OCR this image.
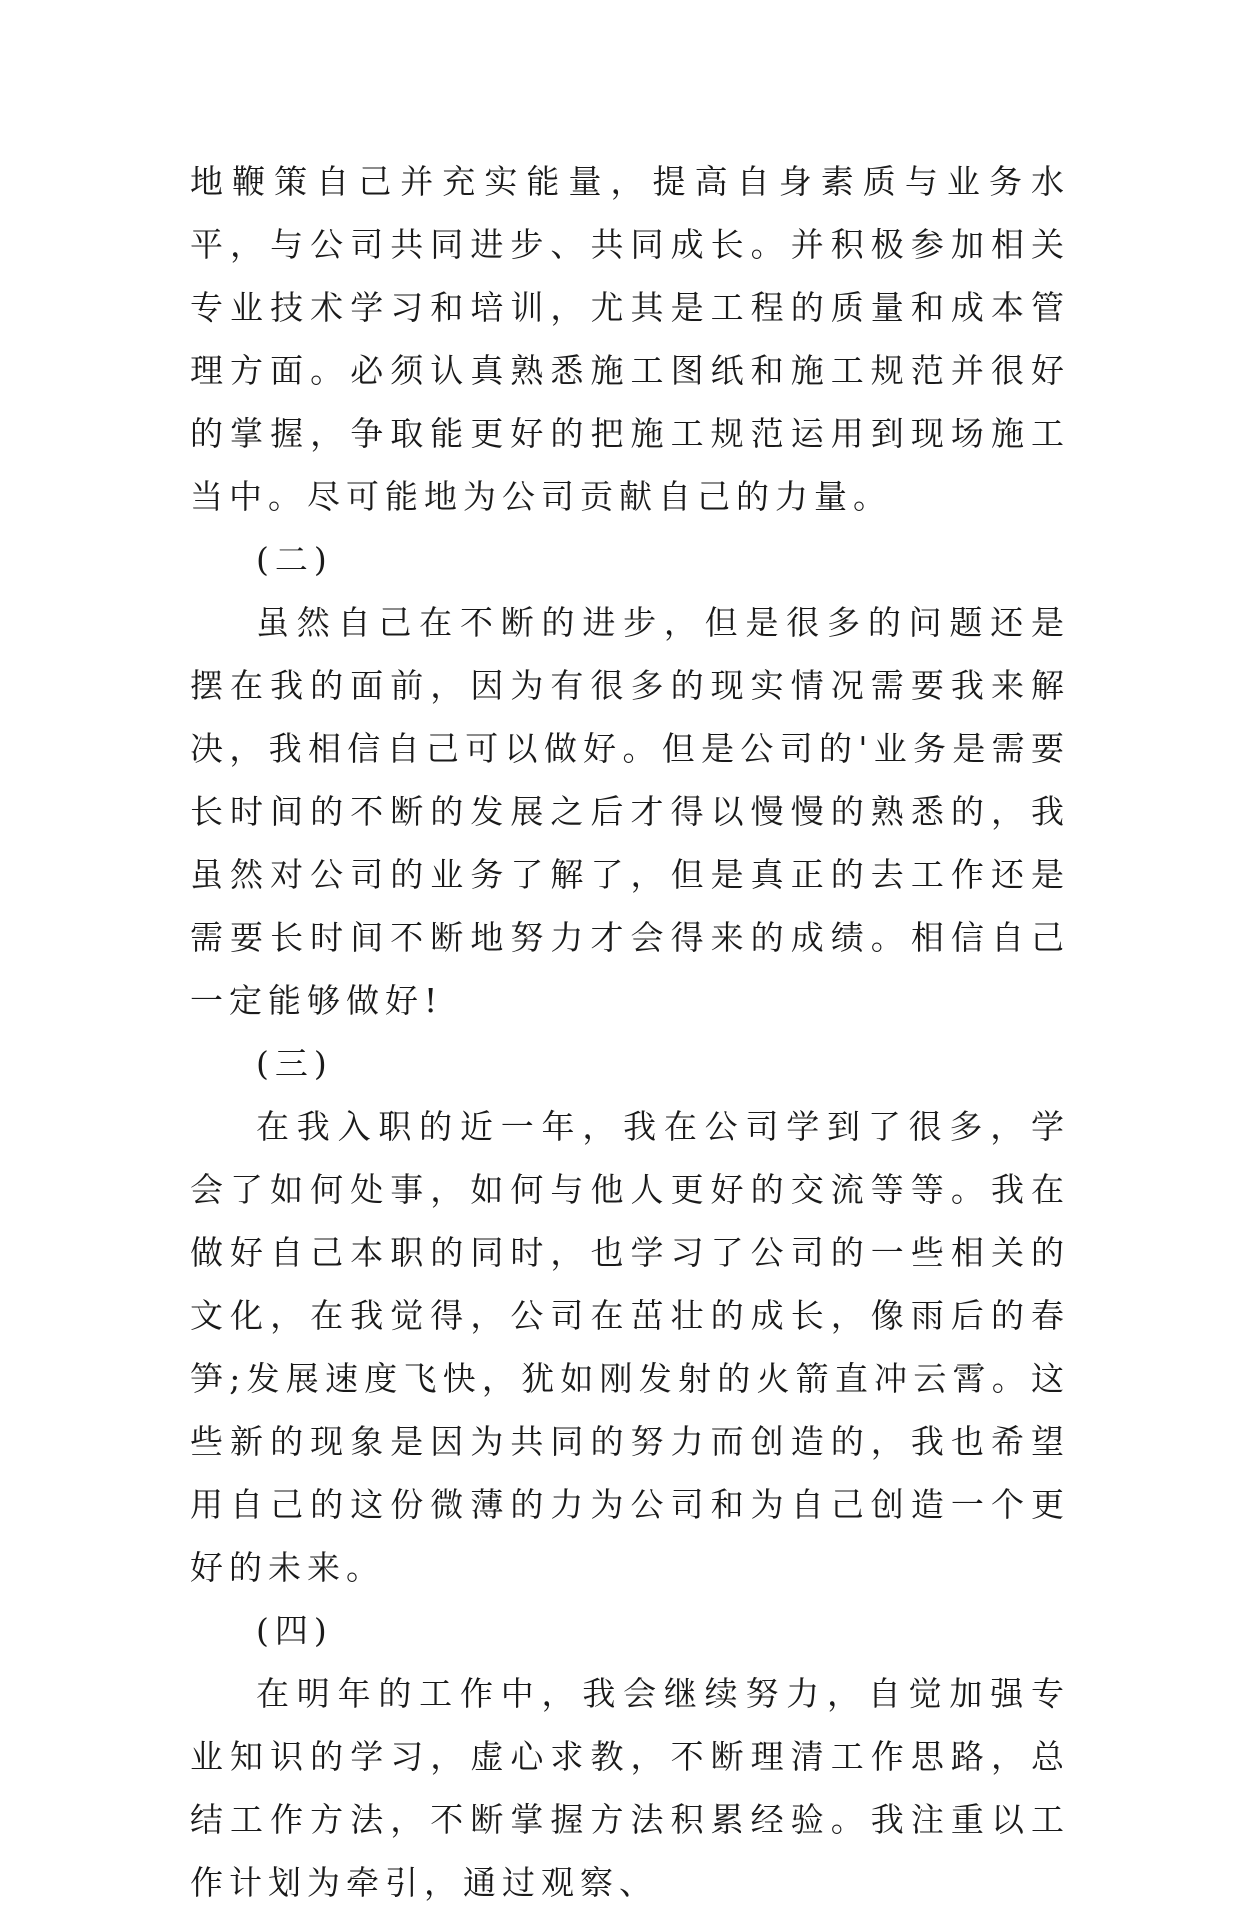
地鞭策自己并充实能量，提高自身素质与业务水平，与公司共同进步、共同成长。并积极参加相关专业技术学习和培训，尤其是工程的质量和成本管理方面。必须认真熟悉施工图纸和施工规范并很好的掌握，争取能更好的把施工规范运用到现场施工当中。尽可能地为公司贡献自己的力量。

(二)

虽然自己在不断的进步，但是很多的问题还是摆在我的面前，因为有很多的现实情况需要我来解决，我相信自己可以做好。但是公司的'业务是需要长时间的不断的发展之后才得以慢慢的熟悉的，我虽然对公司的业务了解了，但是真正的去工作还是需要长时间不断地努力才会得来的成绩。相信自己一定能够做好!

(三)

在我入职的近一年，我在公司学到了很多，学会了如何处事，如何与他人更好的交流等等。我在做好自己本职的同时，也学习了公司的一些相关的文化，在我觉得，公司在茁壮的成长，像雨后的春笋;发展速度飞快，犹如刚发射的火箭直冲云霄。这些新的现象是因为共同的努力而创造的，我也希望用自己的这份微薄的力为公司和为自己创造一个更好的未来。

(四)

在明年的工作中，我会继续努力，自觉加强专业知识的学习，虚心求教，不断理清工作思路，总结工作方法，不断掌握方法积累经验。我注重以工作计划为牵引，通过观察、
